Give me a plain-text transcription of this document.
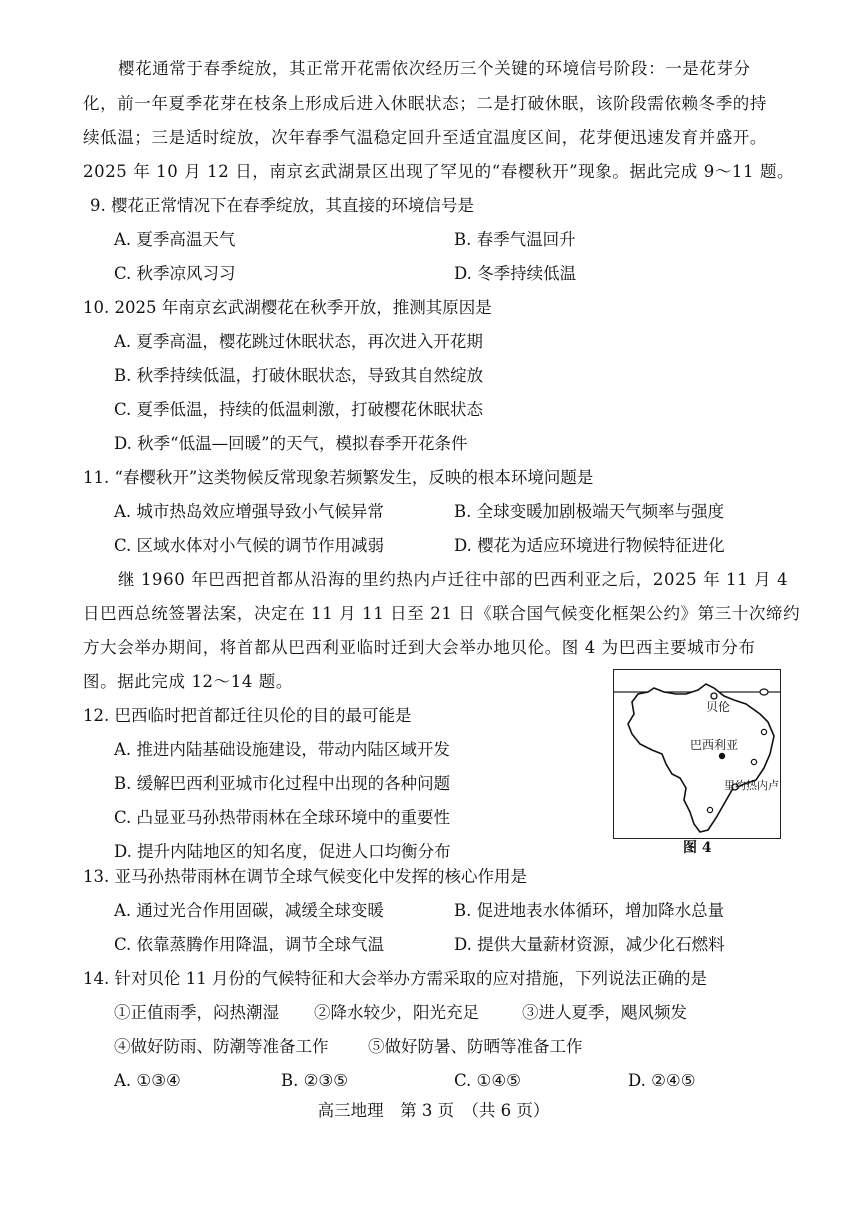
樱花通常于春季绽放，其正常开花需依次经历三个关键的环境信号阶段：一是花芽分
化，前一年夏季花芽在枝条上形成后进入休眠状态；二是打破休眠，该阶段需依赖冬季的持
续低温；三是适时绽放，次年春季气温稳定回升至适宜温度区间，花芽便迅速发育并盛开。
2025 年 10 月 12 日，南京玄武湖景区出现了罕见的“春樱秋开”现象。据此完成 9～11 题。
9. 樱花正常情况下在春季绽放，其直接的环境信号是
A. 夏季高温天气	B. 春季气温回升
C. 秋季凉风习习	D. 冬季持续低温
10. 2025 年南京玄武湖樱花在秋季开放，推测其原因是
A. 夏季高温，樱花跳过休眠状态，再次进入开花期
B. 秋季持续低温，打破休眠状态，导致其自然绽放
C. 夏季低温，持续的低温刺激，打破樱花休眠状态
D. 秋季“低温—回暖”的天气，模拟春季开花条件
11. “春樱秋开”这类物候反常现象若频繁发生，反映的根本环境问题是
A. 城市热岛效应增强导致小气候异常	B. 全球变暖加剧极端天气频率与强度
C. 区域水体对小气候的调节作用减弱	D. 樱花为适应环境进行物候特征进化
继 1960 年巴西把首都从沿海的里约热内卢迁往中部的巴西利亚之后，2025 年 11 月 4
日巴西总统签署法案，决定在 11 月 11 日至 21 日《联合国气候变化框架公约》第三十次缔约
方大会举办期间，将首都从巴西利亚临时迁到大会举办地贝伦。图 4 为巴西主要城市分布
图。据此完成 12～14 题。
12. 巴西临时把首都迁往贝伦的目的最可能是
A. 推进内陆基础设施建设，带动内陆区域开发
B. 缓解巴西利亚城市化过程中出现的各种问题
C. 凸显亚马孙热带雨林在全球环境中的重要性
D. 提升内陆地区的知名度，促进人口均衡分布
贝伦
巴西利亚
里约热内卢
图 4
13. 亚马孙热带雨林在调节全球气候变化中发挥的核心作用是
A. 通过光合作用固碳，减缓全球变暖	B. 促进地表水体循环，增加降水总量
C. 依靠蒸腾作用降温，调节全球气温	D. 提供大量薪材资源，减少化石燃料
14. 针对贝伦 11 月份的气候特征和大会举办方需采取的应对措施，下列说法正确的是
①正值雨季，闷热潮湿 ②降水较少，阳光充足	③进人夏季，飓风频发
④做好防雨、防潮等准备工作 ⑤做好防暑、防晒等准备工作
A. ①③④	B. ②③⑤	C. ①④⑤	D. ②④⑤
高三地理　第 3 页　（共 6 页）
